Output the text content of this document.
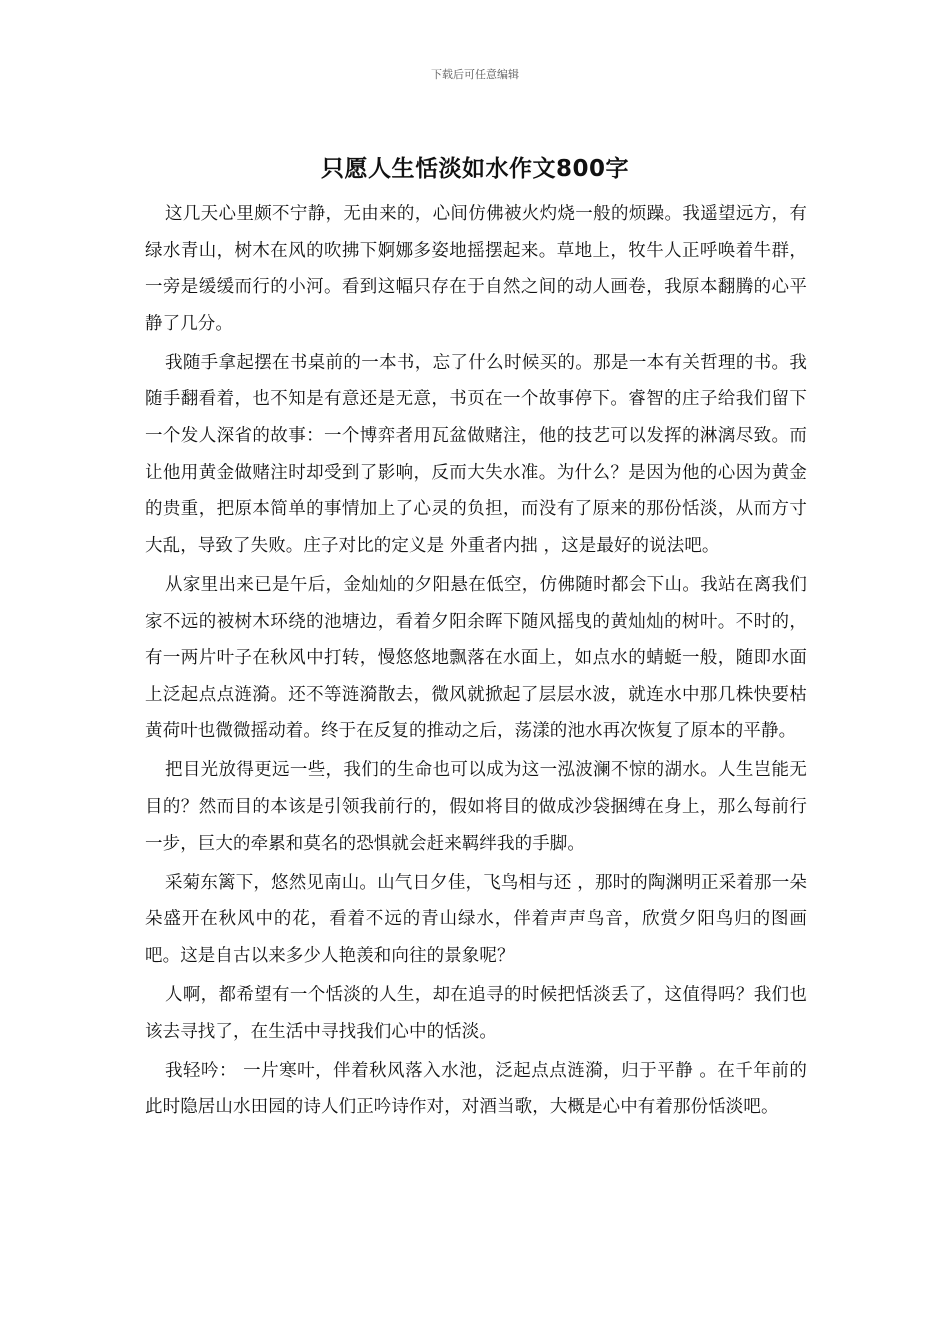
下载后可任意编辑
只愿人生恬淡如水作文800字

这几天心里颇不宁静，无由来的，心间仿佛被火灼烧一般的烦躁。我遥望远方，有绿水青山，树木在风的吹拂下婀娜多姿地摇摆起来。草地上，牧牛人正呼唤着牛群，一旁是缓缓而行的小河。看到这幅只存在于自然之间的动人画卷，我原本翻腾的心平静了几分。

我随手拿起摆在书桌前的一本书，忘了什么时候买的。那是一本有关哲理的书。我随手翻看着，也不知是有意还是无意，书页在一个故事停下。睿智的庄子给我们留下一个发人深省的故事：一个博弈者用瓦盆做赌注，他的技艺可以发挥的淋漓尽致。而让他用黄金做赌注时却受到了影响，反而大失水准。为什么？是因为他的心因为黄金的贵重，把原本简单的事情加上了心灵的负担，而没有了原来的那份恬淡，从而方寸大乱，导致了失败。庄子对比的定义是 外重者内拙 ，这是最好的说法吧。

从家里出来已是午后，金灿灿的夕阳悬在低空，仿佛随时都会下山。我站在离我们家不远的被树木环绕的池塘边，看着夕阳余晖下随风摇曳的黄灿灿的树叶。不时的，有一两片叶子在秋风中打转，慢悠悠地飘落在水面上，如点水的蜻蜓一般，随即水面上泛起点点涟漪。还不等涟漪散去，微风就掀起了层层水波，就连水中那几株快要枯黄荷叶也微微摇动着。终于在反复的推动之后，荡漾的池水再次恢复了原本的平静。

把目光放得更远一些，我们的生命也可以成为这一泓波澜不惊的湖水。人生岂能无目的？然而目的本该是引领我前行的，假如将目的做成沙袋捆缚在身上，那么每前行一步，巨大的牵累和莫名的恐惧就会赶来羁绊我的手脚。

采菊东篱下，悠然见南山。山气日夕佳，飞鸟相与还 ，那时的陶渊明正采着那一朵朵盛开在秋风中的花，看着不远的青山绿水，伴着声声鸟音，欣赏夕阳鸟归的图画吧。这是自古以来多少人艳羡和向往的景象呢？

人啊，都希望有一个恬淡的人生，却在追寻的时候把恬淡丢了，这值得吗？我们也该去寻找了，在生活中寻找我们心中的恬淡。

我轻吟： 一片寒叶，伴着秋风落入水池，泛起点点涟漪，归于平静 。在千年前的此时隐居山水田园的诗人们正吟诗作对，对酒当歌，大概是心中有着那份恬淡吧。
